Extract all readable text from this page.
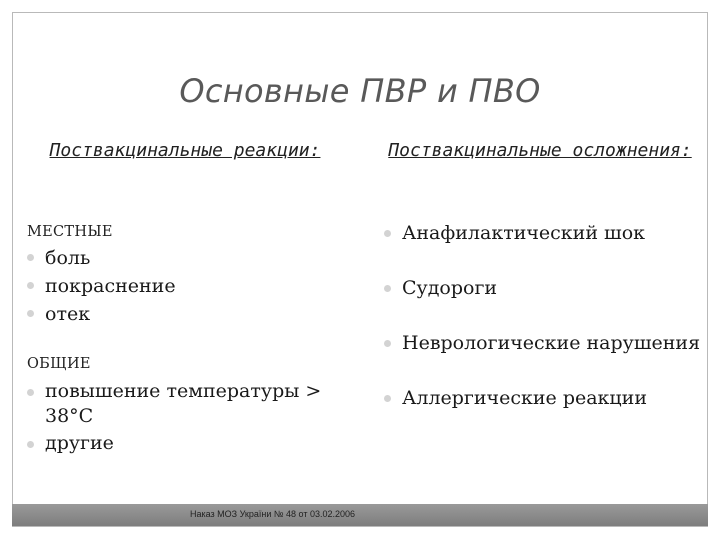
Основные ПВР и ПВО
Поствакцинальные реакции:	Поствакцинальные осложнения:
МЕСТНЫЕ
боль
покраснение
отек
ОБЩИЕ
повышение температуры > 38°С
другие
Анафилактический шок
Судороги
Неврологические нарушения
Аллергические реакции
Наказ МОЗ України № 48 от 03.02.2006
